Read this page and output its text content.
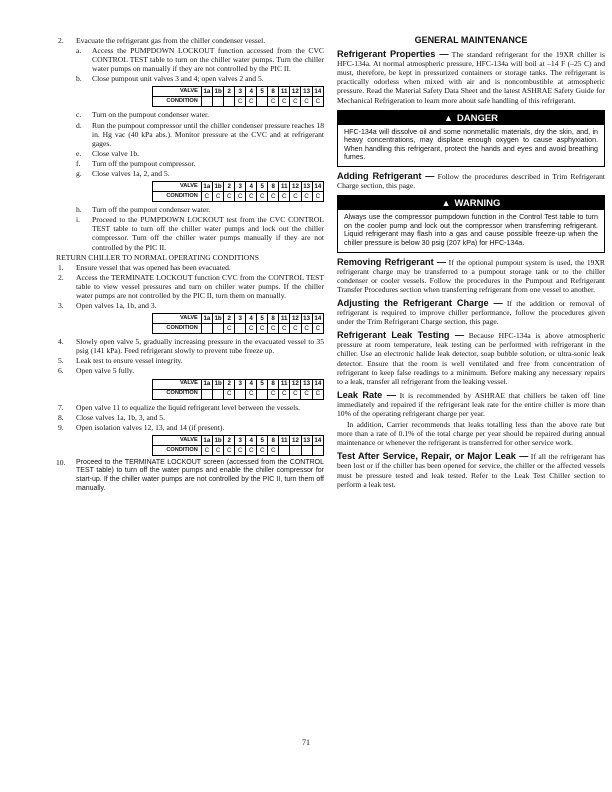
2. Evacuate the refrigerant gas from the chiller condenser vessel.

a. Access the PUMPDOWN LOCKOUT function accessed from the CVC CONTROL TEST table to turn on the chiller water pumps. Turn the chiller water pumps on manually if they are not controlled by the PIC II.

b. Close pumpout unit valves 3 and 4; open valves 2 and 5.

VALVE	1a	1b	2	3	4	5	8	11	12	13	14
CONDITION				C	C		C	C	C	C	C
c. Turn on the pumpout condenser water.

d. Run the pumpout compressor until the chiller condenser pressure reaches 18 in. Hg vac (40 kPa abs.). Monitor pressure at the CVC and at refrigerant gages.

e. Close valve 1b.

f. Turn off the pumpout compressor.

g. Close valves 1a, 2, and 5.

VALVE	1a	1b	2	3	4	5	8	11	12	13	14
CONDITION	C	C	C	C	C	C	C	C	C	C	C
h. Turn off the pumpout condenser water.

i. Proceed to the PUMPDOWN LOCKOUT test from the CVC CONTROL TEST table to turn off the chiller water pumps and lock out the chiller compressor. Turn off the chiller water pumps manually if they are not controlled by the PIC II.

RETURN CHILLER TO NORMAL OPERATING CONDITIONS

1. Ensure vessel that was opened has been evacuated.

2. Access the TERMINATE LOCKOUT function CVC from the CONTROL TEST table to view vessel pressures and turn on chiller water pumps. If the chiller water pumps are not controlled by the PIC II, turn them on manually.

3. Open valves 1a, 1b, and 3.

VALVE	1a	1b	2	3	4	5	8	11	12	13	14
CONDITION			C		C	C	C	C	C	C	C
4. Slowly open valve 5, gradually increasing pressure in the evacuated vessel to 35 psig (141 kPa). Feed refrigerant slowly to prevent tube freeze up.

5. Leak test to ensure vessel integrity.

6. Open valve 5 fully.

VALVE	1a	1b	2	3	4	5	8	11	12	13	14
CONDITION			C		C		C	C	C	C	C
7. Open valve 11 to equalize the liquid refrigerant level between the vessels.

8. Close valves 1a, 1b, 3, and 5.

9. Open isolation valves 12, 13, and 14 (if present).

VALVE	1a	1b	2	3	4	5	8	11	12	13	14
CONDITION	C	C	C	C	C	C	C				
10. Proceed to the TERMINATE LOCKOUT screen (accessed from the CONTROL TEST table) to turn off the water pumps and enable the chiller compressor for start-up. If the chiller water pumps are not controlled by the PIC II, turn them off manually.

GENERAL MAINTENANCE

Refrigerant Properties — The standard refrigerant for the 19XR chiller is HFC-134a. At normal atmospheric pressure, HFC-134a will boil at –14 F (–25 C) and must, therefore, be kept in pressurized containers or storage tanks. The refrigerant is practically odorless when mixed with air and is noncombustible at atmospheric pressure. Read the Material Safety Data Sheet and the latest ASHRAE Safety Guide for Mechanical Refrigeration to learn more about safe handling of this refrigerant.

▲ DANGER

HFC-134a will dissolve oil and some nonmetallic materials, dry the skin, and, in heavy concentrations, may displace enough oxygen to cause asphyxiation. When handling this refrigerant, protect the hands and eyes and avoid breathing fumes.

Adding Refrigerant — Follow the procedures described in Trim Refrigerant Charge section, this page.

▲ WARNING

Always use the compressor pumpdown function in the Control Test table to turn on the cooler pump and lock out the compressor when transferring refrigerant. Liquid refrigerant may flash into a gas and cause possible freeze-up when the chiller pressure is below 30 psig (207 kPa) for HFC-134a.

Removing Refrigerant — If the optional pumpout system is used, the 19XR refrigerant charge may be transferred to a pumpout storage tank or to the chiller condenser or cooler vessels. Follow the procedures in the Pumpout and Refrigerant Transfer Procedures section when transferring refrigerant from one vessel to another.

Adjusting the Refrigerant Charge — If the addition or removal of refrigerant is required to improve chiller performance, follow the procedures given under the Trim Refrigerant Charge section, this page.

Refrigerant Leak Testing — Because HFC-134a is above atmospheric pressure at room temperature, leak testing can be performed with refrigerant in the chiller. Use an electronic halide leak detector, soap bubble solution, or ultra-sonic leak detector. Ensure that the room is well ventilated and free from concentration of refrigerant to keep false readings to a minimum. Before making any necessary repairs to a leak, transfer all refrigerant from the leaking vessel.

Leak Rate — It is recommended by ASHRAE that chillers be taken off line immediately and repaired if the refrigerant leak rate for the entire chiller is more than 10% of the operating refrigerant charge per year.

In addition, Carrier recommends that leaks totalling less than the above rate but more than a rate of 0.1% of the total charge per year should be repaired during annual maintenance or whenever the refrigerant is transferred for other service work.

Test After Service, Repair, or Major Leak — If all the refrigerant has been lost or if the chiller has been opened for service, the chiller or the affected vessels must be pressure tested and leak tested. Refer to the Leak Test Chiller section to perform a leak test.

71
